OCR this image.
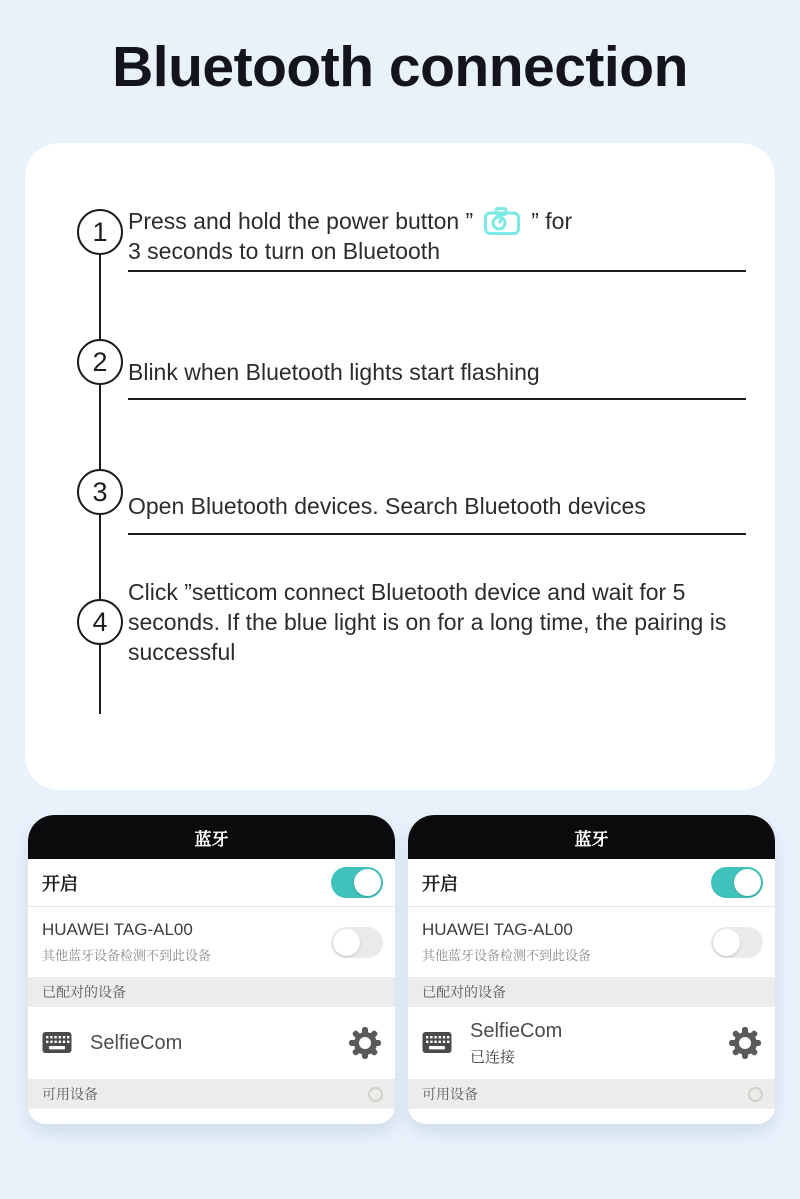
Bluetooth connection
1
2
3
4
Press and hold the power button ”	” for
3 seconds to turn on Bluetooth
Blink when Bluetooth lights start flashing
Open Bluetooth devices. Search Bluetooth devices
Click ”setticom connect Bluetooth device and wait for 5 seconds. If the blue light is on for a long time, the pairing is successful
蓝牙
开启
HUAWEI TAG-AL00
其他蓝牙设备检测不到此设备
已配对的设备
SelfieCom
可用设备
蓝牙
开启
HUAWEI TAG-AL00
其他蓝牙设备检测不到此设备
已配对的设备
SelfieCom
已连接
可用设备
